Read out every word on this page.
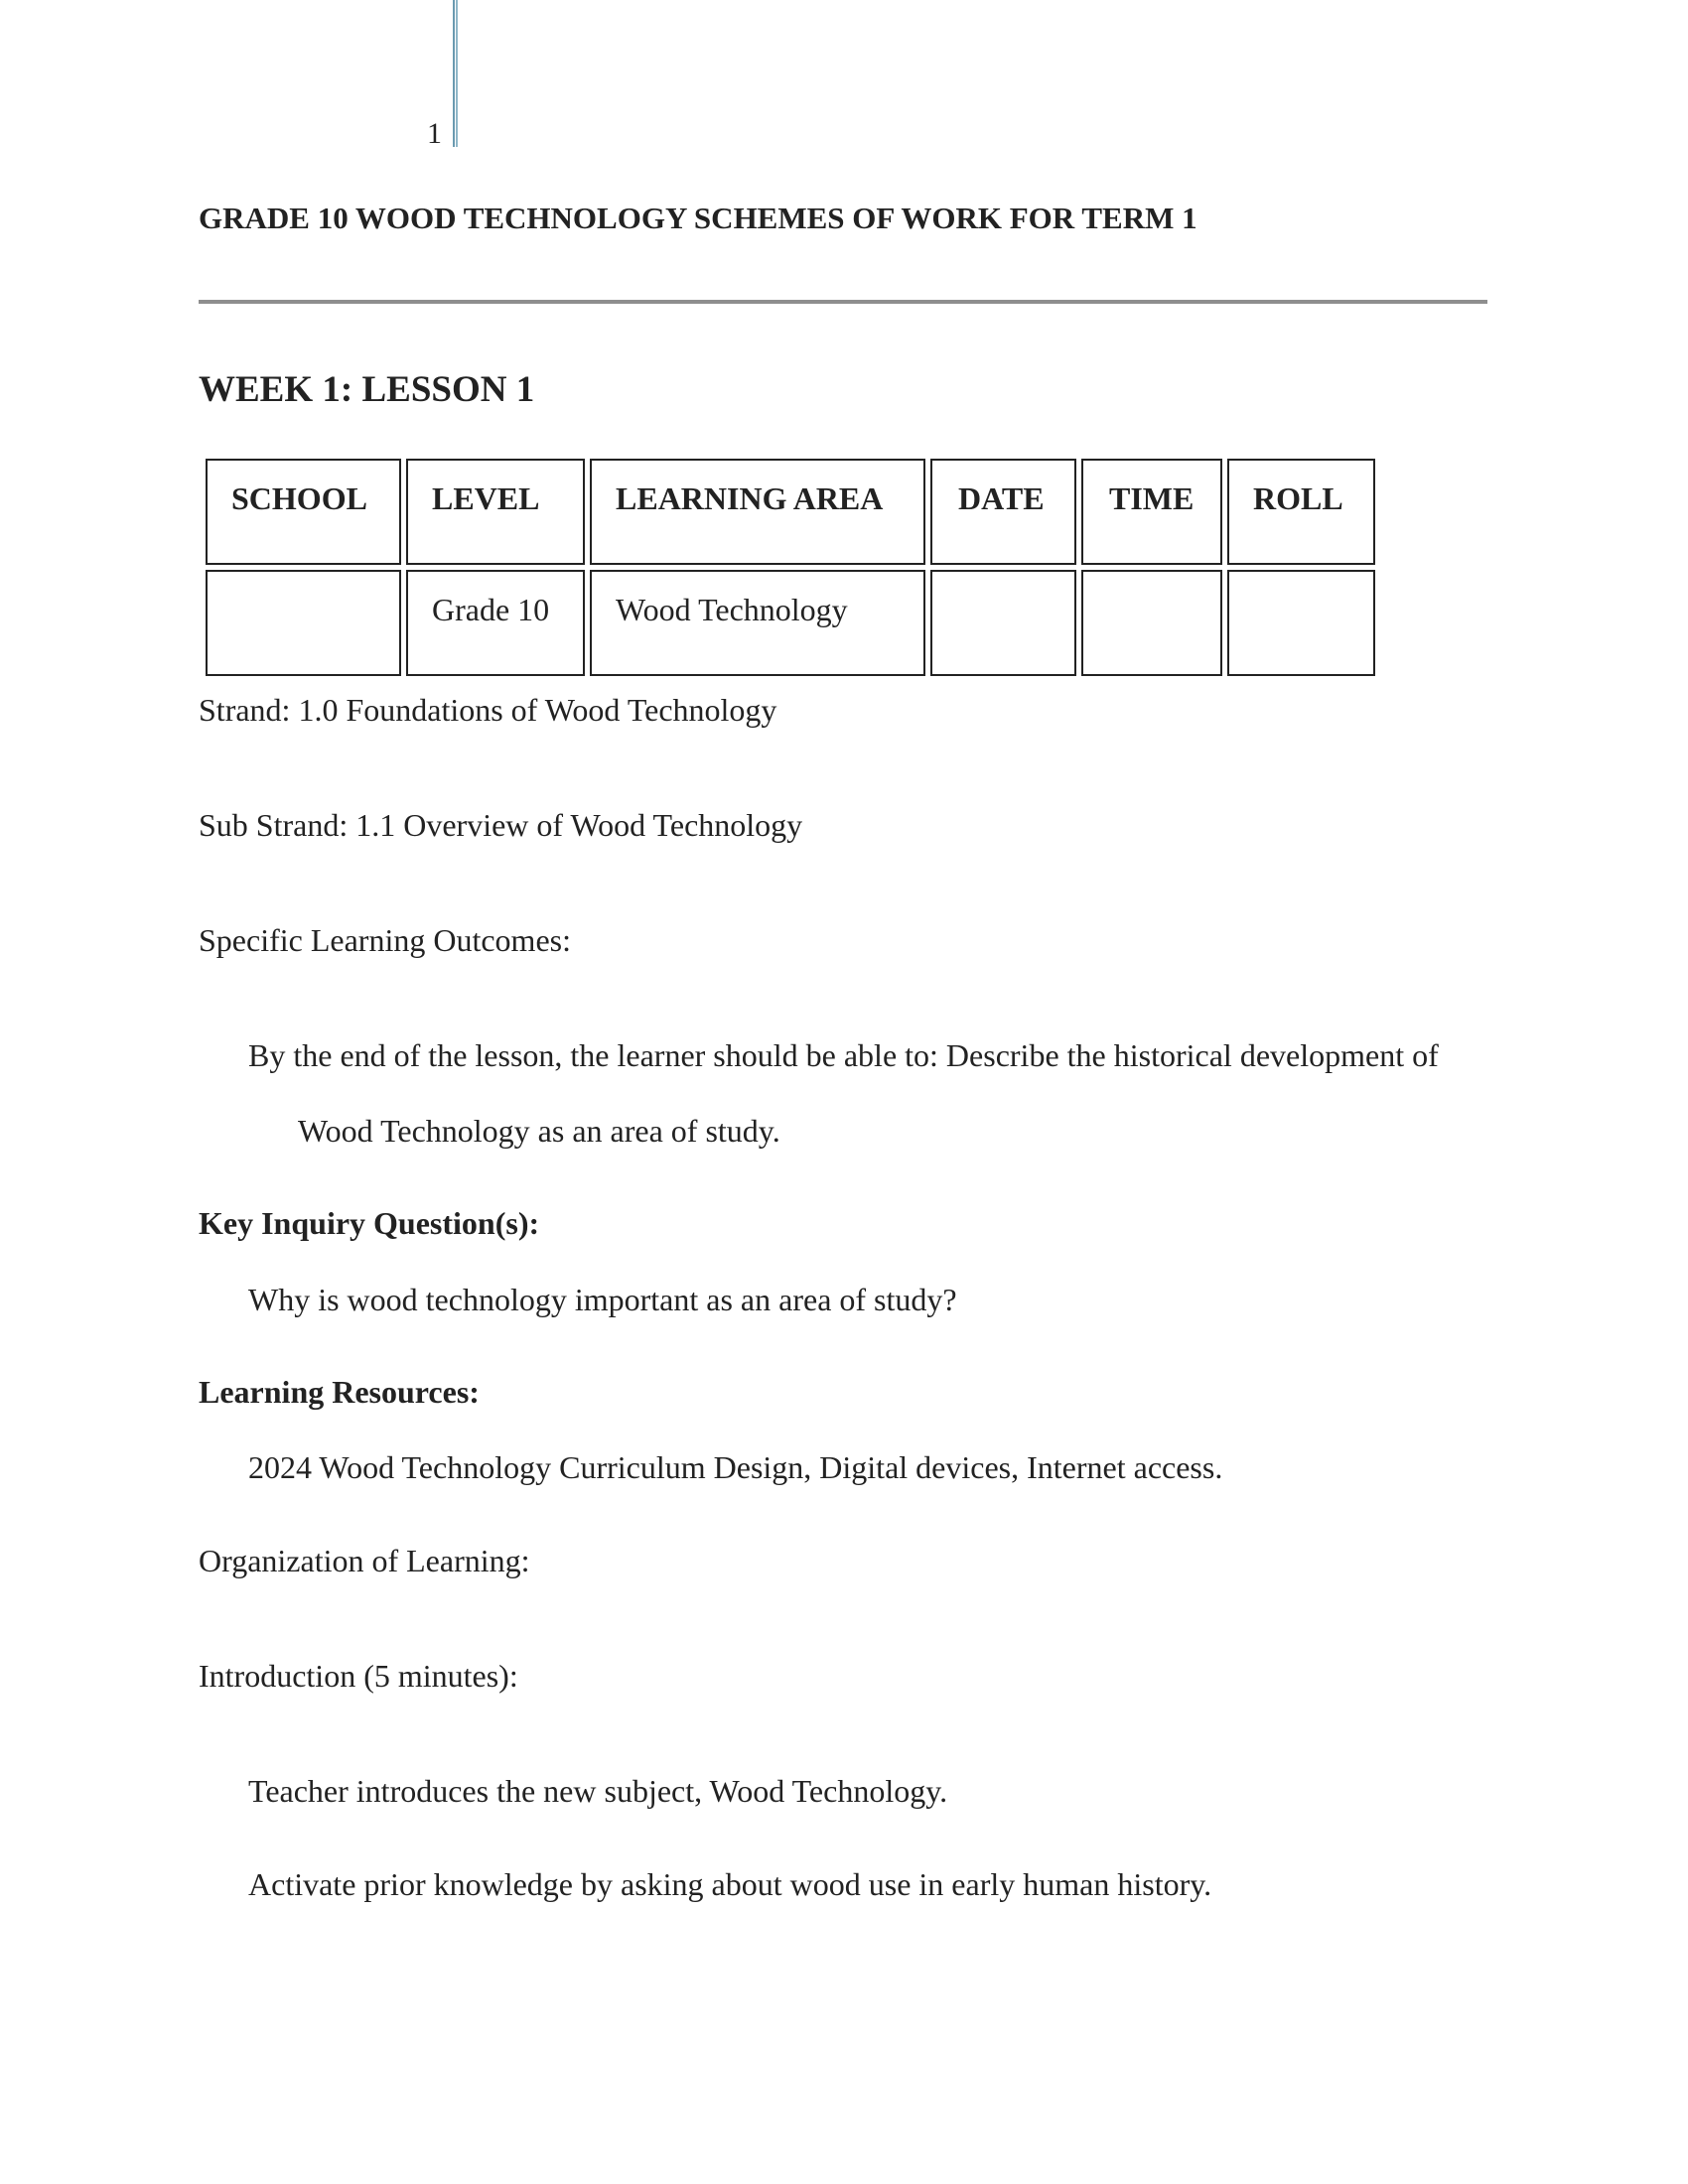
1
GRADE 10 WOOD TECHNOLOGY SCHEMES OF WORK FOR TERM 1
WEEK 1: LESSON 1
SCHOOL	LEVEL	LEARNING AREA	DATE	TIME	ROLL

	Grade 10	Wood Technology			

Strand: 1.0 Foundations of Wood Technology
Sub Strand: 1.1 Overview of Wood Technology
Specific Learning Outcomes:
By the end of the lesson, the learner should be able to: Describe the historical development of
Wood Technology as an area of study.
Key Inquiry Question(s):
Why is wood technology important as an area of study?
Learning Resources:
2024 Wood Technology Curriculum Design, Digital devices, Internet access.
Organization of Learning:
Introduction (5 minutes):
Teacher introduces the new subject, Wood Technology.
Activate prior knowledge by asking about wood use in early human history.
